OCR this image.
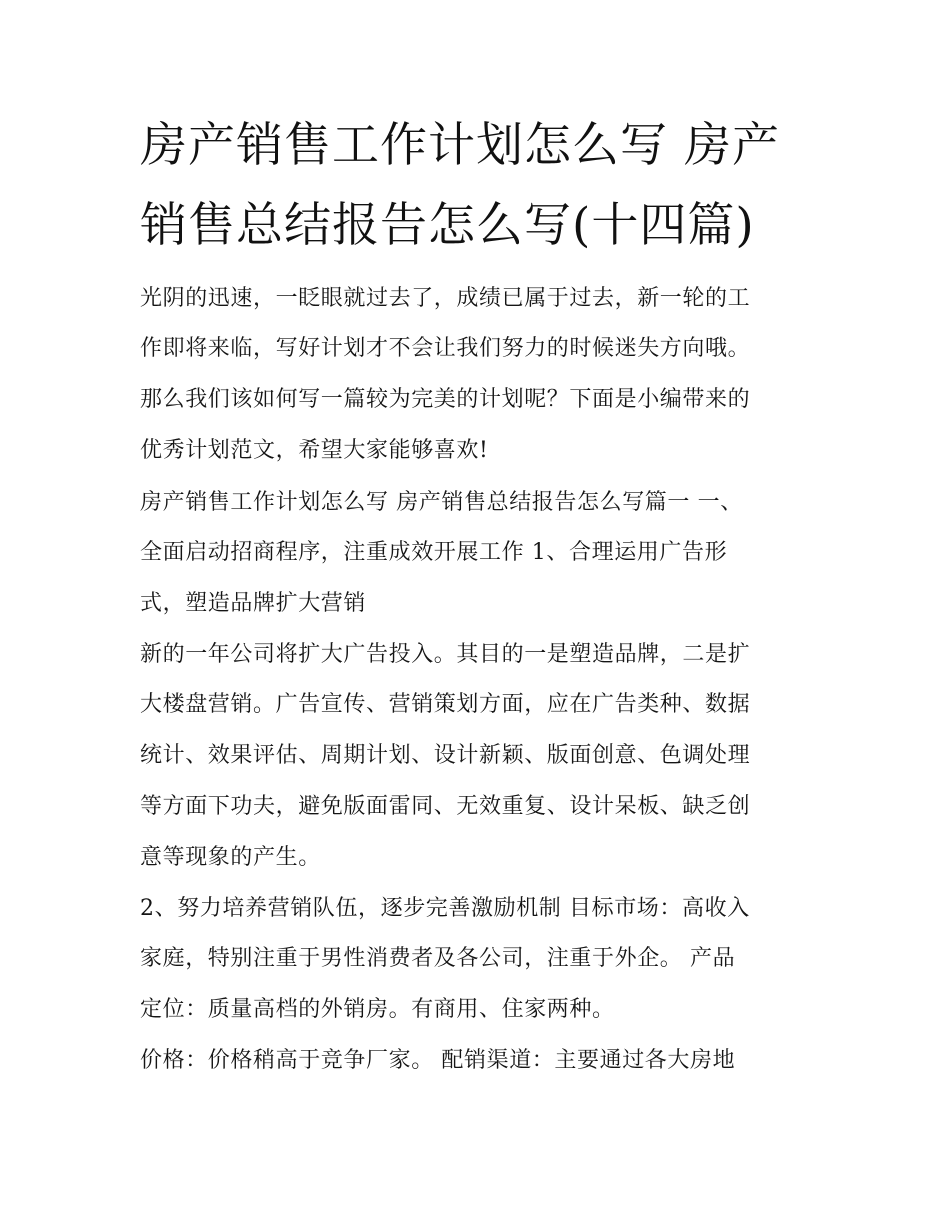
房产销售工作计划怎么写 房产
销售总结报告怎么写(十四篇)
光阴的迅速，一眨眼就过去了，成绩已属于过去，新一轮的工
作即将来临，写好计划才不会让我们努力的时候迷失方向哦。
那么我们该如何写一篇较为完美的计划呢？下面是小编带来的
优秀计划范文，希望大家能够喜欢!
房产销售工作计划怎么写 房产销售总结报告怎么写篇一 一、
全面启动招商程序，注重成效开展工作 1、合理运用广告形
式，塑造品牌扩大营销
新的一年公司将扩大广告投入。其目的一是塑造品牌，二是扩
大楼盘营销。广告宣传、营销策划方面，应在广告类种、数据
统计、效果评估、周期计划、设计新颖、版面创意、色调处理
等方面下功夫，避免版面雷同、无效重复、设计呆板、缺乏创
意等现象的产生。
2、努力培养营销队伍，逐步完善激励机制 目标市场：高收入
家庭，特别注重于男性消费者及各公司，注重于外企。 产品
定位：质量高档的外销房。有商用、住家两种。
价格：价格稍高于竞争厂家。 配销渠道：主要通过各大房地
